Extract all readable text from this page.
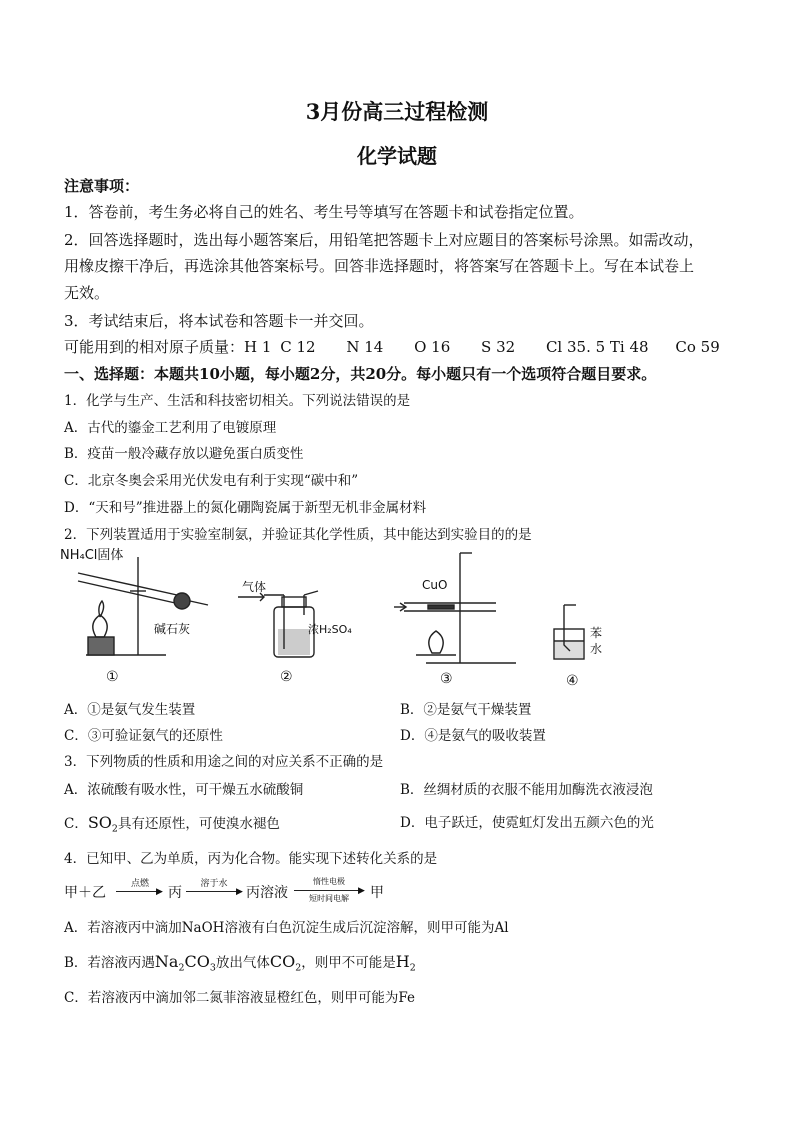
3月份高三过程检测
化学试题
注意事项：
1．答卷前，考生务必将自己的姓名、考生号等填写在答题卡和试卷指定位置。
2．回答选择题时，选出每小题答案后，用铅笔把答题卡上对应题目的答案标号涂黑。如需改动，
用橡皮擦干净后，再选涂其他答案标号。回答非选择题时，将答案写在答题卡上。写在本试卷上
无效。
3．考试结束后，将本试卷和答题卡一并交回。
可能用到的相对原子质量：H 1 C 12 N 14 O 16 S 32 Cl 35. 5 Ti 48 Co 59
一、选择题：本题共10小题，每小题2分，共20分。每小题只有一个选项符合题目要求。
1．化学与生产、生活和科技密切相关。下列说法错误的是
A．古代的鎏金工艺利用了电镀原理
B．疫苗一般冷藏存放以避免蛋白质变性
C．北京冬奥会采用光伏发电有利于实现“碳中和”
D．“天和号”推进器上的氮化硼陶瓷属于新型无机非金属材料
2．下列装置适用于实验室制氨，并验证其化学性质，其中能达到实验目的的是
NH₄Cl固体
碱石灰
气体
浓H₂SO₄
CuO
苯
水
①	②	③	④
A．①是氨气发生装置	B．②是氨气干燥装置
C．③可验证氨气的还原性	D．④是氨气的吸收装置
3．下列物质的性质和用途之间的对应关系不正确的是
A．浓硫酸有吸水性，可干燥五水硫酸铜	B．丝绸材质的衣服不能用加酶洗衣液浸泡
C．$SO_2$具有还原性，可使溴水褪色	D．电子跃迁，使霓虹灯发出五颜六色的光
4．已知甲、乙为单质，丙为化合物。能实现下述转化关系的是
甲＋乙
点燃
▶ 丙
溶于水
▶ 丙溶液
惰性电极
▶
短时间电解	甲
A．若溶液丙中滴加NaOH溶液有白色沉淀生成后沉淀溶解，则甲可能为Al
B．若溶液丙遇$Na_2CO_3$放出气体$CO_2$，则甲不可能是$H_2$
C．若溶液丙中滴加邻二氮菲溶液显橙红色，则甲可能为Fe
